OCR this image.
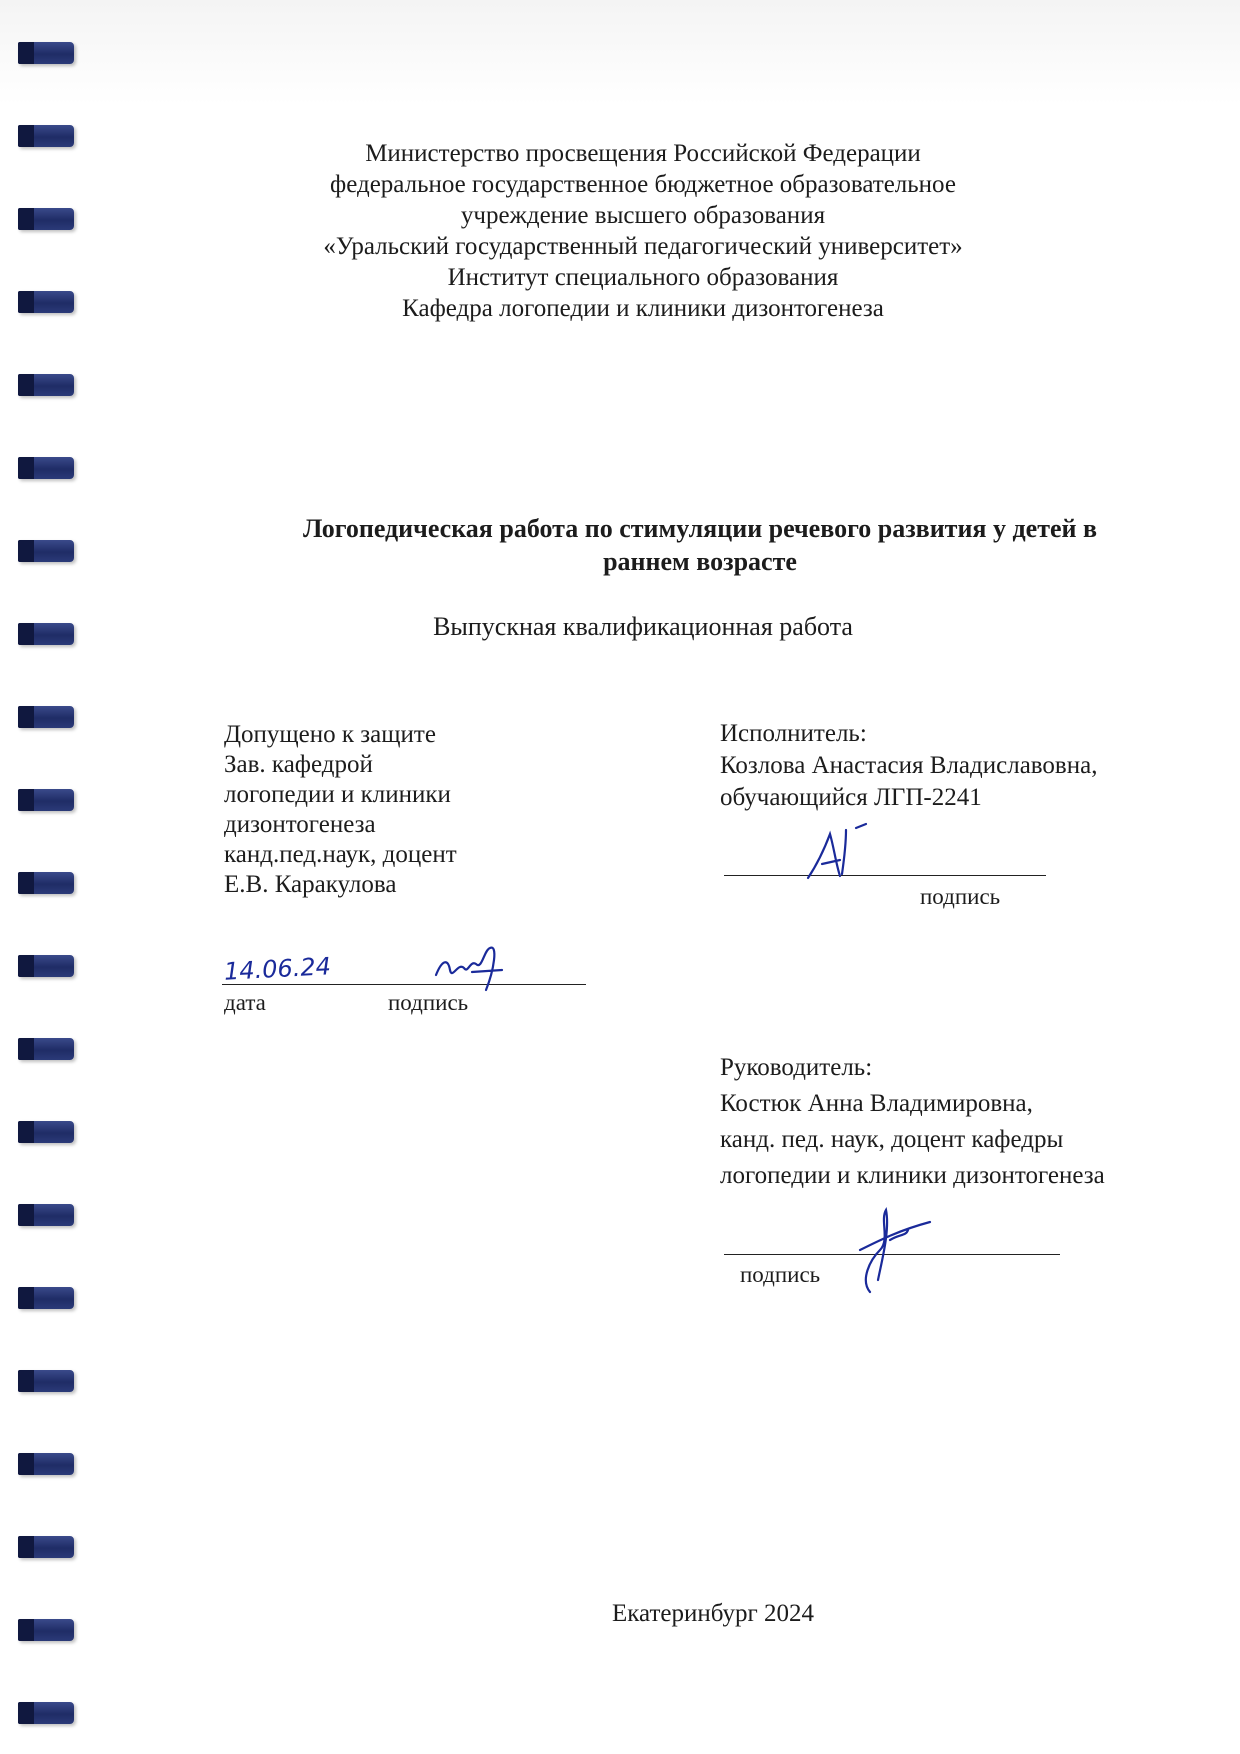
Министерство просвещения Российской Федерации
федеральное государственное бюджетное образовательное
учреждение высшего образования
«Уральский государственный педагогический университет»
Институт специального образования
Кафедра логопедии и клиники дизонтогенеза
Логопедическая работа по стимуляции речевого развития у детей в
раннем возрасте
Выпускная квалификационная работа
Допущено к защите
Зав. кафедрой
логопедии и клиники
дизонтогенеза
канд.пед.наук, доцент
Е.В. Каракулова
14.06.24
дата	подпись
Исполнитель:
Козлова Анастасия Владиславовна,
обучающийся ЛГП-2241
подпись
Руководитель:
Костюк Анна Владимировна,
канд. пед. наук, доцент кафедры
логопедии и клиники дизонтогенеза
подпись
Екатеринбург 2024
